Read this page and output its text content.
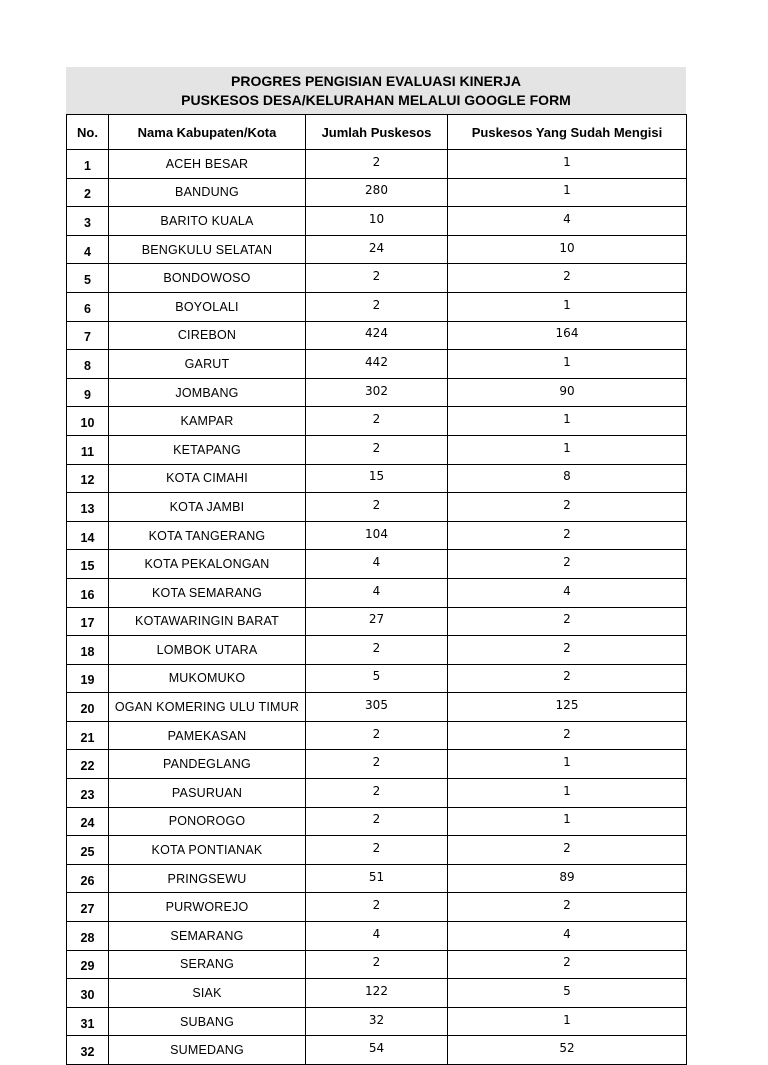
PROGRES PENGISIAN EVALUASI KINERJA
PUSKESOS DESA/KELURAHAN MELALUI GOOGLE FORM
No.	Nama Kabupaten/Kota	Jumlah Puskesos	Puskesos Yang Sudah Mengisi
1	ACEH BESAR	2	1
2	BANDUNG	280	1
3	BARITO KUALA	10	4
4	BENGKULU SELATAN	24	10
5	BONDOWOSO	2	2
6	BOYOLALI	2	1
7	CIREBON	424	164
8	GARUT	442	1
9	JOMBANG	302	90
10	KAMPAR	2	1
11	KETAPANG	2	1
12	KOTA CIMAHI	15	8
13	KOTA JAMBI	2	2
14	KOTA TANGERANG	104	2
15	KOTA PEKALONGAN	4	2
16	KOTA SEMARANG	4	4
17	KOTAWARINGIN BARAT	27	2
18	LOMBOK UTARA	2	2
19	MUKOMUKO	5	2
20	OGAN KOMERING ULU TIMUR	305	125
21	PAMEKASAN	2	2
22	PANDEGLANG	2	1
23	PASURUAN	2	1
24	PONOROGO	2	1
25	KOTA PONTIANAK	2	2
26	PRINGSEWU	51	89
27	PURWOREJO	2	2
28	SEMARANG	4	4
29	SERANG	2	2
30	SIAK	122	5
31	SUBANG	32	1
32	SUMEDANG	54	52
